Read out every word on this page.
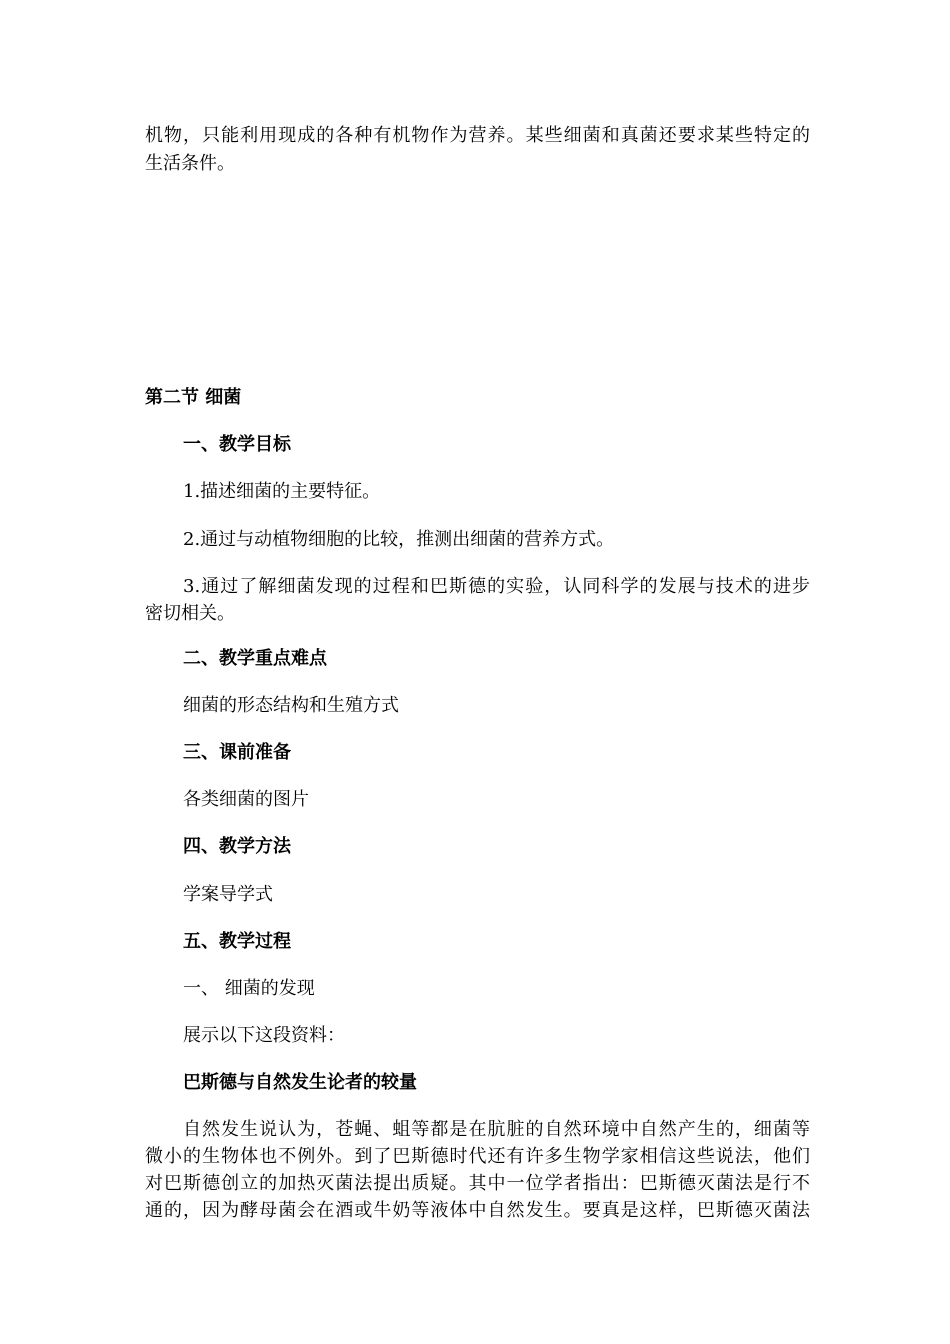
机物，只能利用现成的各种有机物作为营养。某些细菌和真菌还要求某些特定的
生活条件。
第二节 细菌
一、教学目标
1.描述细菌的主要特征。
2.通过与动植物细胞的比较，推测出细菌的营养方式。
3.通过了解细菌发现的过程和巴斯德的实验，认同科学的发展与技术的进步
密切相关。
二、教学重点难点
细菌的形态结构和生殖方式
三、课前准备
各类细菌的图片
四、教学方法
学案导学式
五、教学过程
一、 细菌的发现
展示以下这段资料：
巴斯德与自然发生论者的较量
自然发生说认为，苍蝇、蛆等都是在肮脏的自然环境中自然产生的，细菌等
微小的生物体也不例外。到了巴斯德时代还有许多生物学家相信这些说法，他们
对巴斯德创立的加热灭菌法提出质疑。其中一位学者指出：巴斯德灭菌法是行不
通的，因为酵母菌会在酒或牛奶等液体中自然发生。要真是这样，巴斯德灭菌法
